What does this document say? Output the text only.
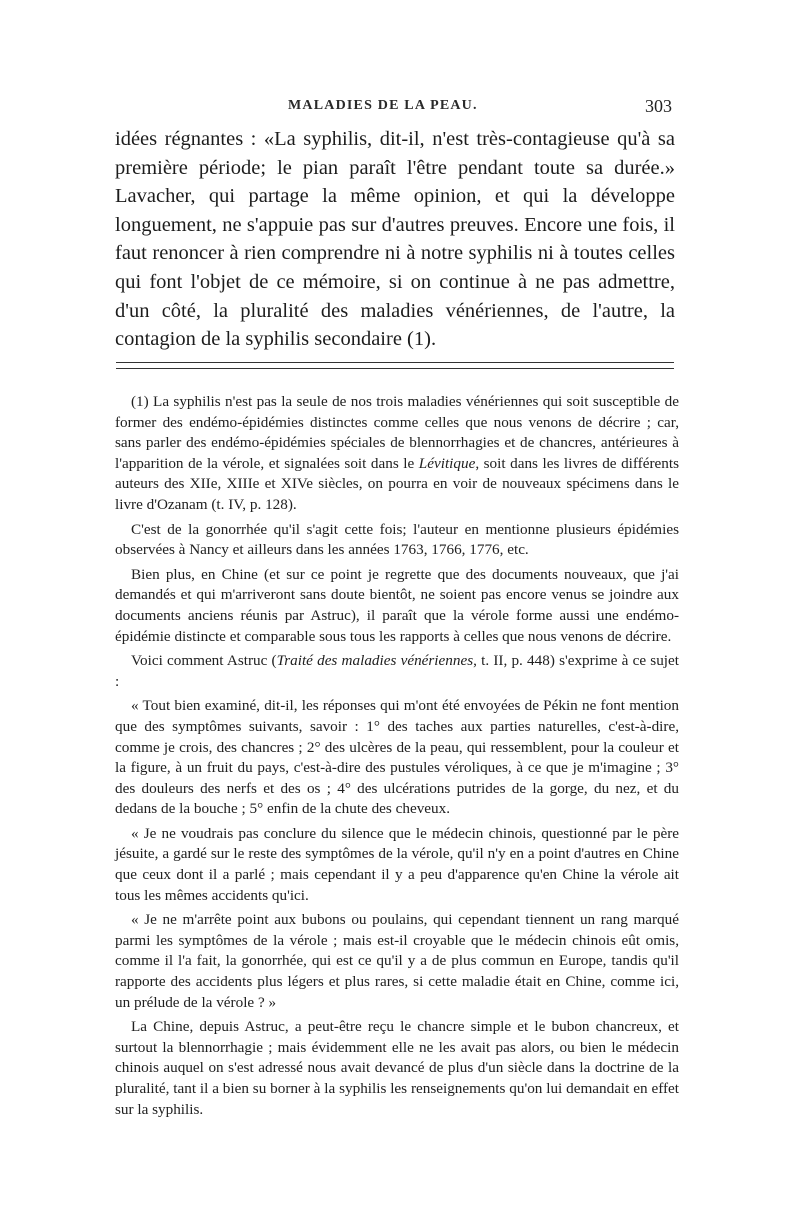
MALADIES DE LA PEAU.	303

idées régnantes : «La syphilis, dit-il, n'est très-contagieuse qu'à sa première période; le pian paraît l'être pendant toute sa durée.» Lavacher, qui partage la même opinion, et qui la développe longuement, ne s'appuie pas sur d'autres preuves. Encore une fois, il faut renoncer à rien comprendre ni à notre syphilis ni à toutes celles qui font l'objet de ce mémoire, si on continue à ne pas admettre, d'un côté, la pluralité des maladies vénériennes, de l'autre, la contagion de la syphilis secondaire (1).

(1) La syphilis n'est pas la seule de nos trois maladies vénériennes qui soit susceptible de former des endémo-épidémies distinctes comme celles que nous venons de décrire ; car, sans parler des endémo-épidémies spéciales de blennorrhagies et de chancres, antérieures à l'apparition de la vérole, et signalées soit dans le Lévitique, soit dans les livres de différents auteurs des XIIe, XIIIe et XIVe siècles, on pourra en voir de nouveaux spécimens dans le livre d'Ozanam (t. IV, p. 128).

C'est de la gonorrhée qu'il s'agit cette fois; l'auteur en mentionne plusieurs épidémies observées à Nancy et ailleurs dans les années 1763, 1766, 1776, etc.

Bien plus, en Chine (et sur ce point je regrette que des documents nouveaux, que j'ai demandés et qui m'arriveront sans doute bientôt, ne soient pas encore venus se joindre aux documents anciens réunis par Astruc), il paraît que la vérole forme aussi une endémo-épidémie distincte et comparable sous tous les rapports à celles que nous venons de décrire.

Voici comment Astruc (Traité des maladies vénériennes, t. II, p. 448) s'exprime à ce sujet :

« Tout bien examiné, dit-il, les réponses qui m'ont été envoyées de Pékin ne font mention que des symptômes suivants, savoir : 1° des taches aux parties naturelles, c'est-à-dire, comme je crois, des chancres ; 2° des ulcères de la peau, qui ressemblent, pour la couleur et la figure, à un fruit du pays, c'est-à-dire des pustules véroliques, à ce que je m'imagine ; 3° des douleurs des nerfs et des os ; 4° des ulcérations putrides de la gorge, du nez, et du dedans de la bouche ; 5° enfin de la chute des cheveux.

« Je ne voudrais pas conclure du silence que le médecin chinois, questionné par le père jésuite, a gardé sur le reste des symptômes de la vérole, qu'il n'y en a point d'autres en Chine que ceux dont il a parlé ; mais cependant il y a peu d'apparence qu'en Chine la vérole ait tous les mêmes accidents qu'ici.

« Je ne m'arrête point aux bubons ou poulains, qui cependant tiennent un rang marqué parmi les symptômes de la vérole ; mais est-il croyable que le médecin chinois eût omis, comme il l'a fait, la gonorrhée, qui est ce qu'il y a de plus commun en Europe, tandis qu'il rapporte des accidents plus légers et plus rares, si cette maladie était en Chine, comme ici, un prélude de la vérole ? »

La Chine, depuis Astruc, a peut-être reçu le chancre simple et le bubon chancreux, et surtout la blennorrhagie ; mais évidemment elle ne les avait pas alors, ou bien le médecin chinois auquel on s'est adressé nous avait devancé de plus d'un siècle dans la doctrine de la pluralité, tant il a bien su borner à la syphilis les renseignements qu'on lui demandait en effet sur la syphilis.
